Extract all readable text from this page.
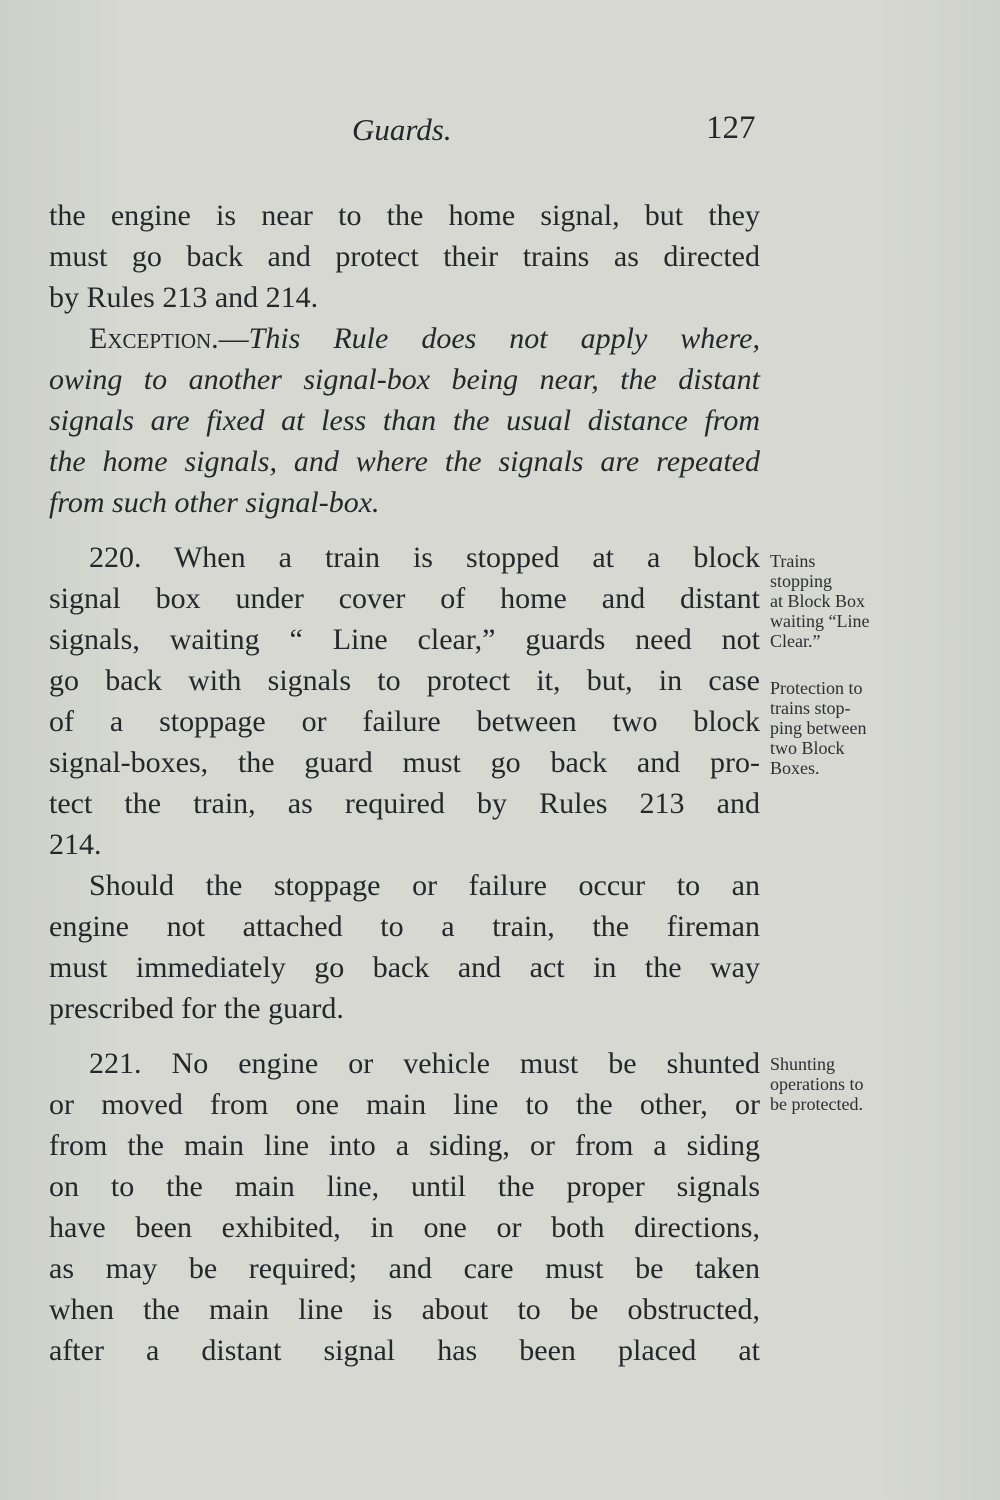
Guards.	127
the engine is near to the home signal, but they
must go back and protect their trains as directed
by Rules 213 and 214.
Exception.—This Rule does not apply where,
owing to another signal-box being near, the distant
signals are fixed at less than the usual distance from
the home signals, and where the signals are repeated
from such other signal-box.
220. When a train is stopped at a block
signal box under cover of home and distant
signals, waiting “ Line clear,” guards need not
go back with signals to protect it, but, in case
of a stoppage or failure between two block
signal-boxes, the guard must go back and pro-
tect the train, as required by Rules 213 and
214.
Should the stoppage or failure occur to an
engine not attached to a train, the fireman
must immediately go back and act in the way
prescribed for the guard.
221. No engine or vehicle must be shunted
or moved from one main line to the other, or
from the main line into a siding, or from a siding
on to the main line, until the proper signals
have been exhibited, in one or both directions,
as may be required; and care must be taken
when the main line is about to be obstructed,
after a distant signal has been placed at
Trains
stopping
at Block Box
waiting “Line
Clear.”
Protection to
trains stop-
ping between
two Block
Boxes.
Shunting
operations to
be protected.
